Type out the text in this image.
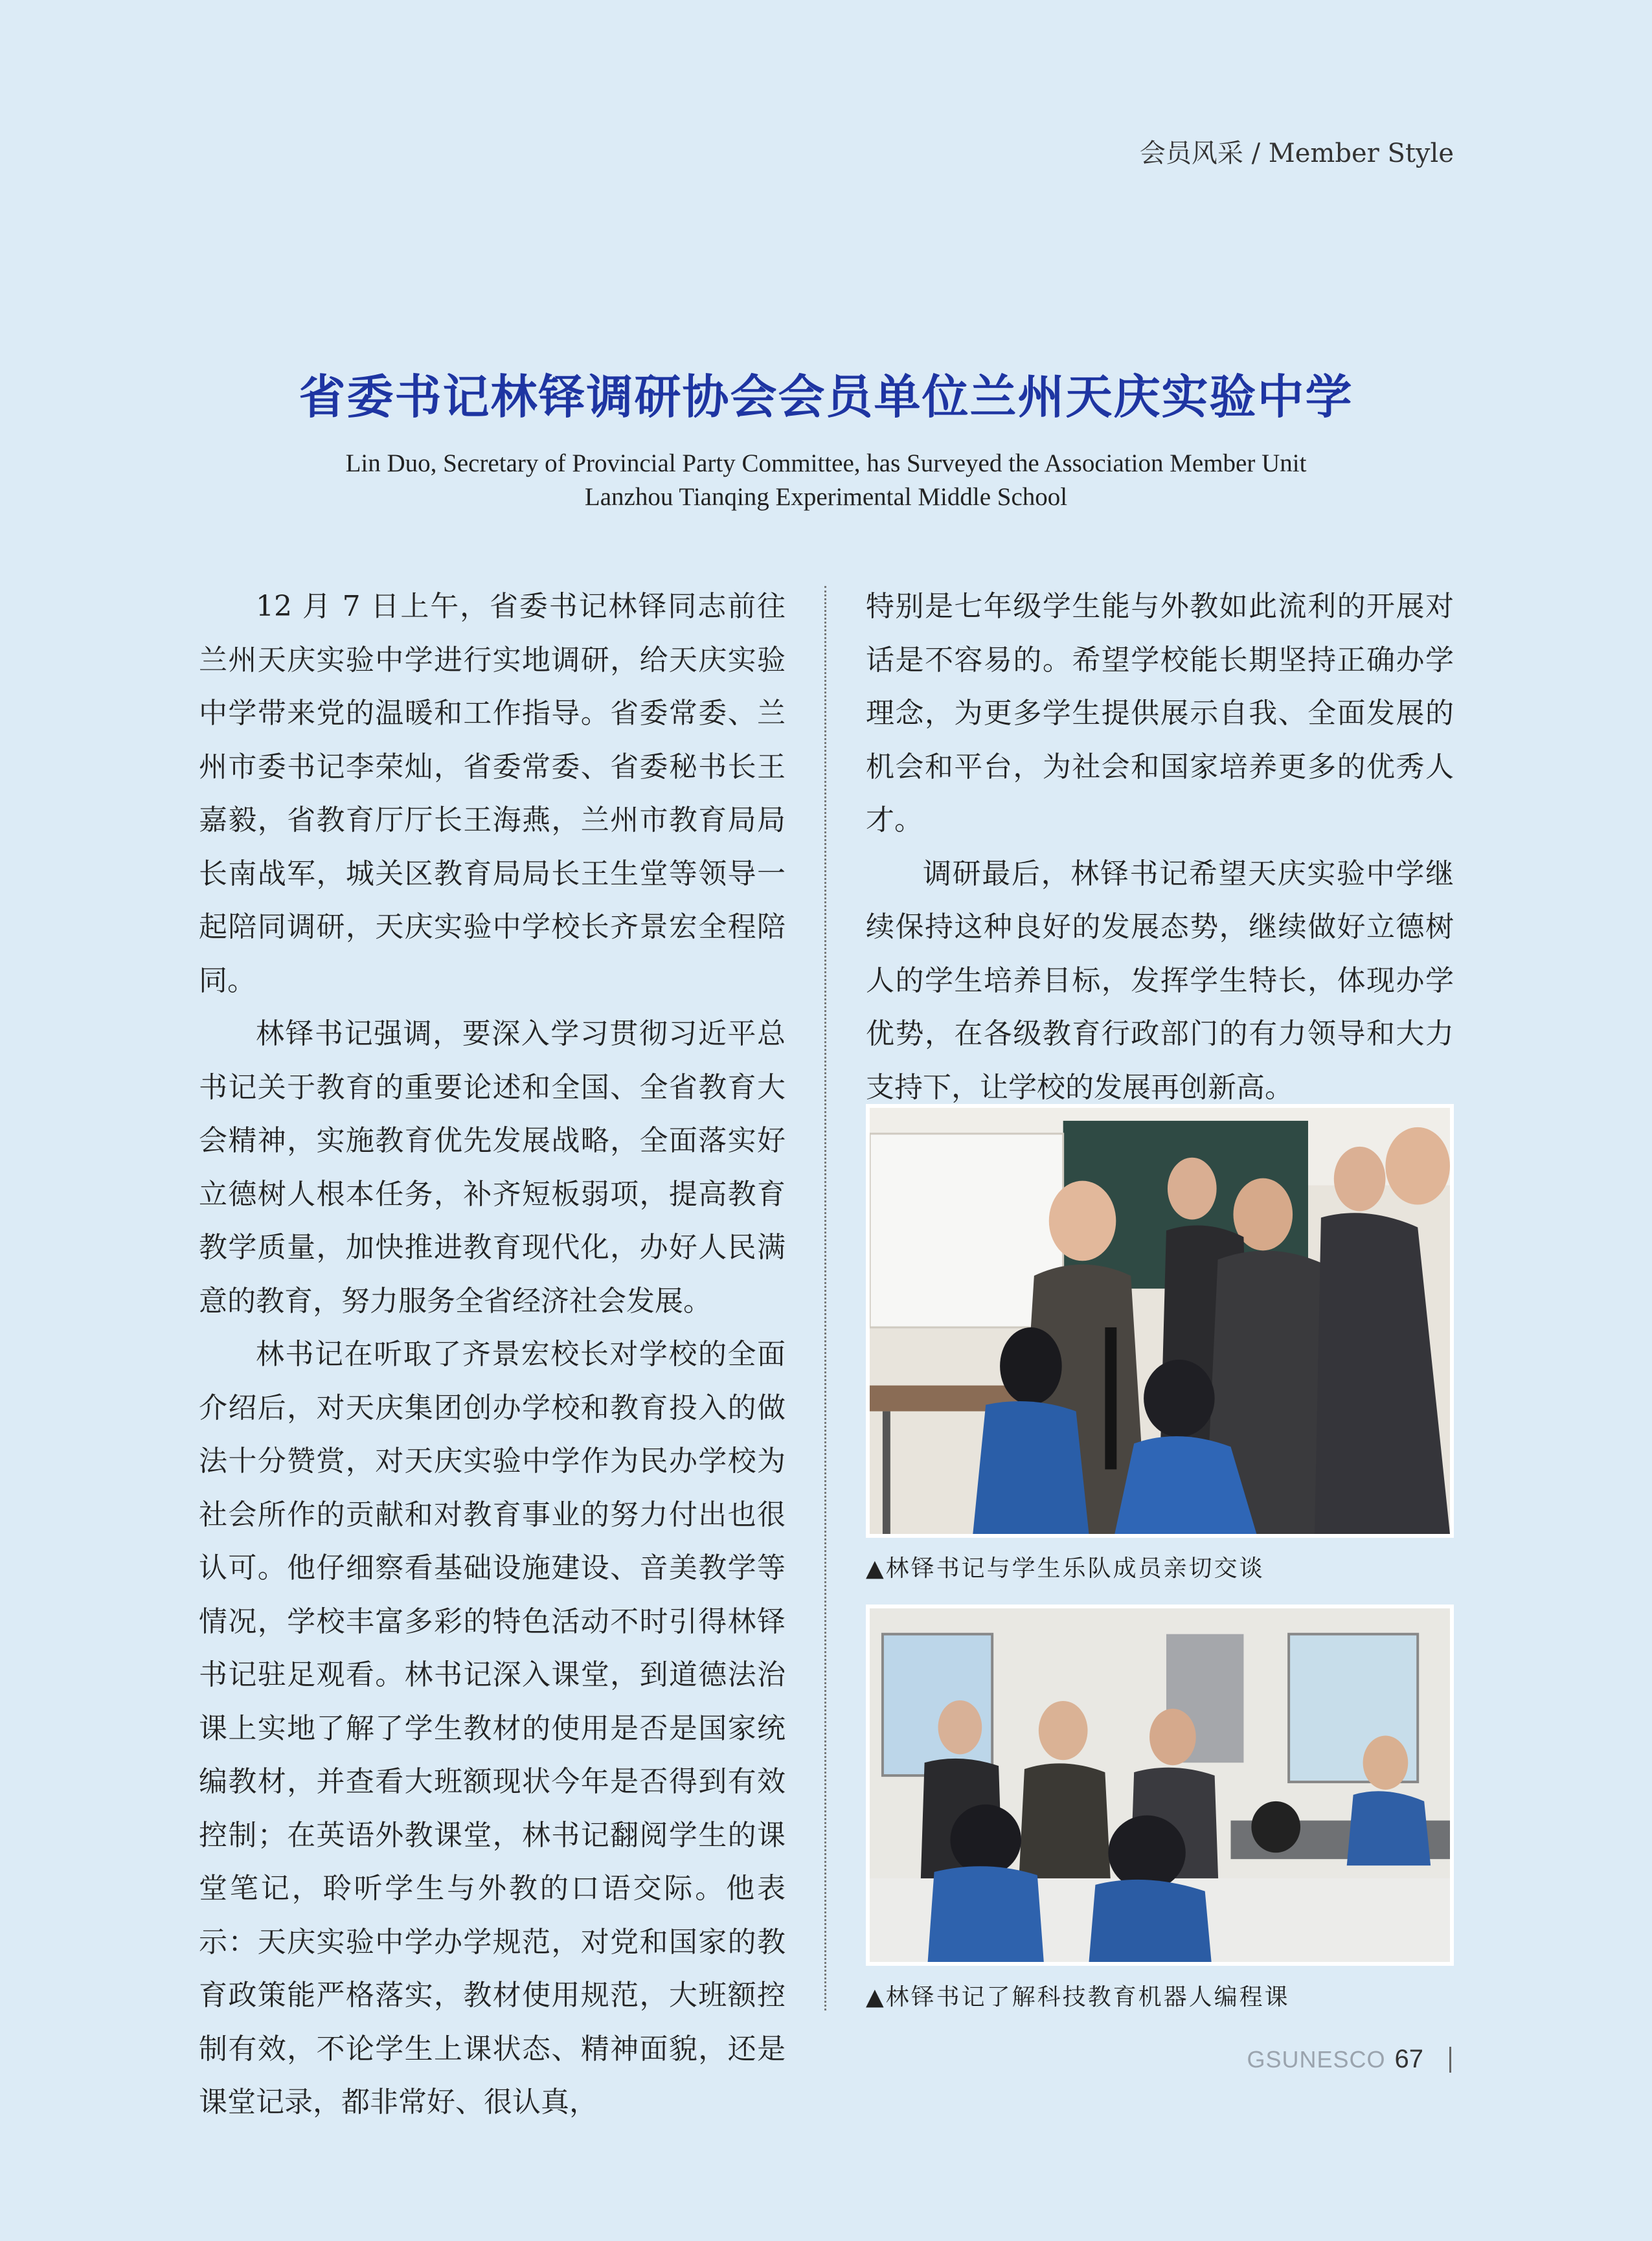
会员风采 / Member Style
省委书记林铎调研协会会员单位兰州天庆实验中学
Lin Duo, Secretary of Provincial Party Committee, has Surveyed the Association Member Unit
Lanzhou Tianqing Experimental Middle School

12 月 7 日上午，省委书记林铎同志前往兰州天庆实验中学进行实地调研，给天庆实验中学带来党的温暖和工作指导。省委常委、兰州市委书记李荣灿，省委常委、省委秘书长王嘉毅，省教育厅厅长王海燕，兰州市教育局局长南战军，城关区教育局局长王生堂等领导一起陪同调研，天庆实验中学校长齐景宏全程陪同。

林铎书记强调，要深入学习贯彻习近平总书记关于教育的重要论述和全国、全省教育大会精神，实施教育优先发展战略，全面落实好立德树人根本任务，补齐短板弱项，提高教育教学质量，加快推进教育现代化，办好人民满意的教育，努力服务全省经济社会发展。

林书记在听取了齐景宏校长对学校的全面介绍后，对天庆集团创办学校和教育投入的做法十分赞赏，对天庆实验中学作为民办学校为社会所作的贡献和对教育事业的努力付出也很认可。他仔细察看基础设施建设、音美教学等情况，学校丰富多彩的特色活动不时引得林铎书记驻足观看。林书记深入课堂，到道德法治课上实地了解了学生教材的使用是否是国家统编教材，并查看大班额现状今年是否得到有效控制；在英语外教课堂，林书记翻阅学生的课堂笔记，聆听学生与外教的口语交际。他表示：天庆实验中学办学规范，对党和国家的教育政策能严格落实，教材使用规范，大班额控制有效，不论学生上课状态、精神面貌，还是课堂记录，都非常好、很认真，

特别是七年级学生能与外教如此流利的开展对话是不容易的。希望学校能长期坚持正确办学理念，为更多学生提供展示自我、全面发展的机会和平台，为社会和国家培养更多的优秀人才。

调研最后，林铎书记希望天庆实验中学继续保持这种良好的发展态势，继续做好立德树人的学生培养目标，发挥学生特长，体现办学优势，在各级教育行政部门的有力领导和大力支持下，让学校的发展再创新高。

▲林铎书记与学生乐队成员亲切交谈
▲林铎书记了解科技教育机器人编程课
GSUNESCO 67
